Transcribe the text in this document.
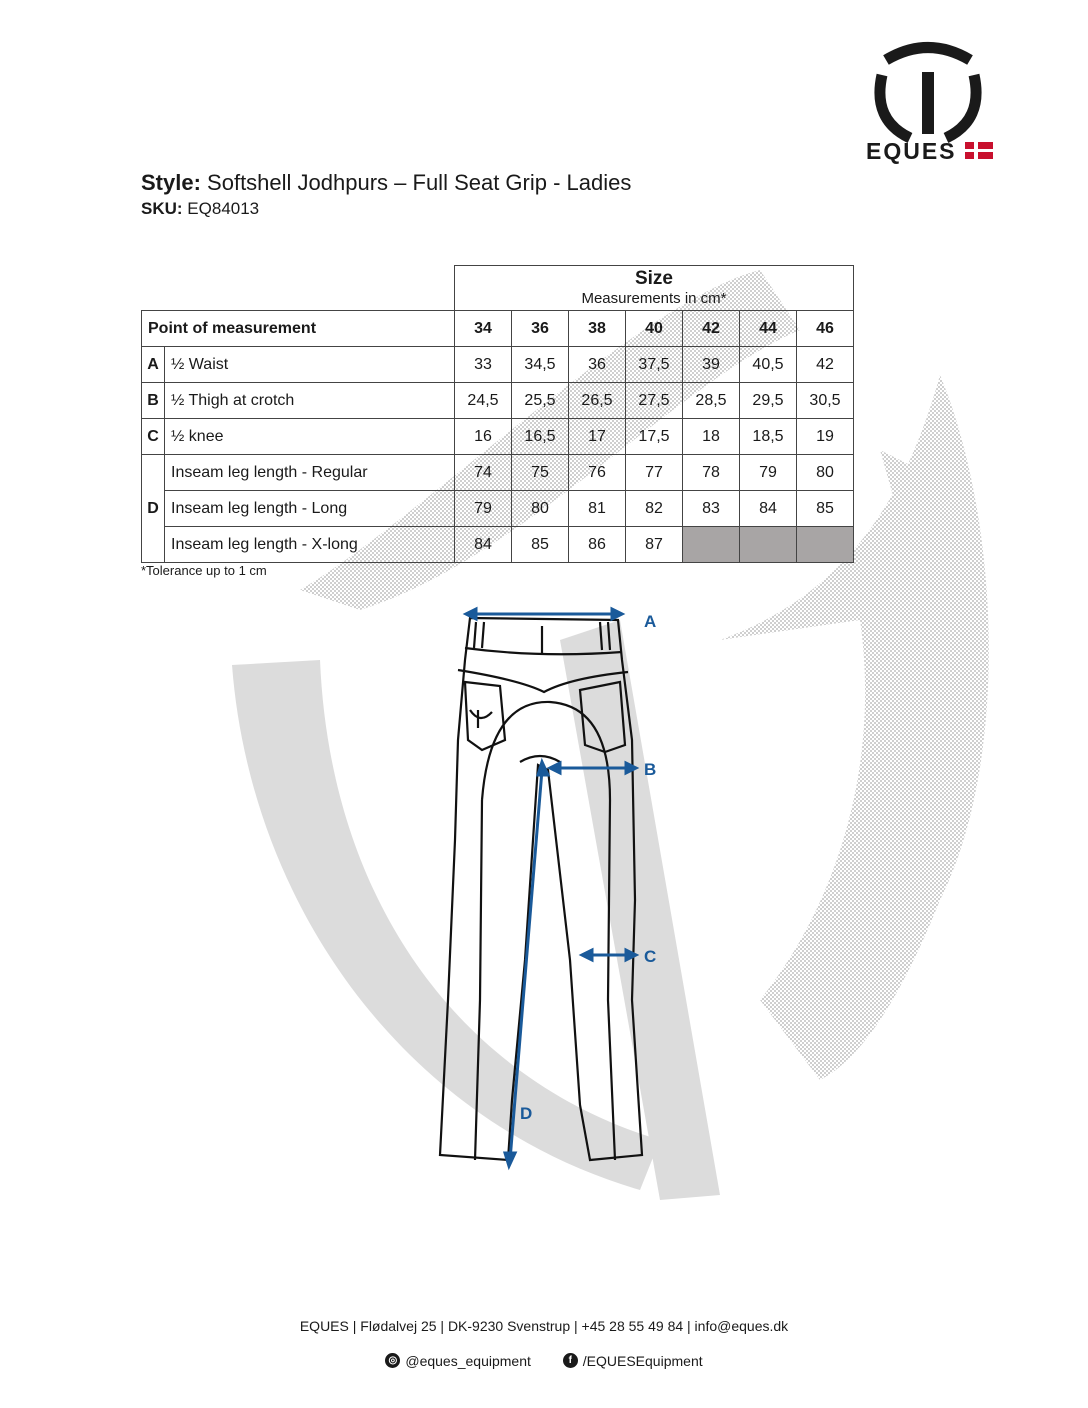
EQUES
Style: Softshell Jodhpurs – Full Seat Grip - Ladies
SKU: EQ84013

		Size
Measurements in cm*						

Point of measurement		34	36	38	40	42	44	46
A	½ Waist	33	34,5	36	37,5	39	40,5	42
B	½ Thigh at crotch	24,5	25,5	26,5	27,5	28,5	29,5	30,5
C	½ knee	16	16,5	17	17,5	18	18,5	19
D	Inseam leg length - Regular	74	75	76	77	78	79	80
	Inseam leg length - Long	79	80	81	82	83	84	85
	Inseam leg length - X-long	84	85	86	87			
*Tolerance up to 1 cm
A
B
C
D
EQUES | Flødalvej 25 | DK-9230 Svenstrup | +45 28 55 49 84 | info@eques.dk
◎ @eques_equipment
	f /EQUESEquipment
